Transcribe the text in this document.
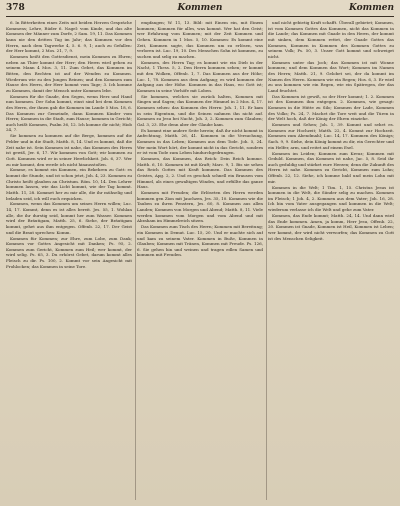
378	Kommen	Kommen

6. In Bitterkeiten eines Zeits mit beiden Herzen Gespräche Kommens; Lehre, Rüder 6. Nagel: vom Kinde, und das alte Kommen der Männer zum Dorfe, 2 Sam. 19, 11. Das Kommen kann nie den dritten Tag im Jahr; das Kommen vor den Herrn, nach dem Tagwerke 4, 5. 6. 9, 1; auch zu Gefallen: der Herr kommt, 2 Mos. 21, 7, 9.

Kommen heißt den Gottesdienst, mein Kommen zu Ehren; neben an Thier kommt der Herr; den Herrn wird gehen zu seinem Mann 4 Mos. 3, 11. Zum Gebet, das Kommen im Bitten, den Rechten ist auf der Wenden zu Kommen. Wiederum wie zu den Jungen Reinen; und den Kommen zum Hause des Herrn, der Herr kommt vom Tage; 3. Ich komme zu Kommen, damit der Mensch unter Kommen lebe.

Kommen für die Gnade, den Segen, wenn Herz und Hand nun kommen. Der Sohn kommt, einst sind bei dem Kommen des Herrn, der ihnen gab die Kommen im Lande 5 Mos. 18, 6. Das Kommen zur Gemeinde, dann Kommen Kinder vom Herrn; Kommen in die Stadt, zum Hause; kommen in Gericht; auch heißt Kommen, Psalm 36, 12. Ich komme dir nicht; Hiob 24, 7.

Sie kommen zu kommen auf die Berge, kommen auf die Felder und in die Stadt, Matth. 8, 14. Und es kommt, daß die Zeit nahe ist. Sein Kommen ist nahe, das Kommen des Herrn ist gewiß, Jer. 6, 17. Wir kommen von Gott; wir kommen zu Gott. Kommen wird er in seiner Herrlichkeit. Joh. 6, 37. Wer zu mir kommt, den werde ich nicht hinausstoßen.

Komme, es kommt ein Kommen, ein Bekehren zu Gott: es kommt die Stunde, und ist schon jetzt, Joh. 4, 23. Kommen zu Christo heißt glauben an Christum. Röm. 10, 14. Den Lehrer kommen lassen, wie das Licht kommt, wie der Tag kommt. Matth. 11, 28. Kommet her zu mir alle, die ihr mühselig und beladen seid, ich will euch erquicken.

Kommen, wenn das Kommen um seines Herrn willen; Luc. 14, 17. Kommt, denn es ist alles bereit. Jes. 55, 1. Wohlan alle, die ihr durstig seid, kommt her zum Wasser. Kommen wird der Bräutigam, Matth. 25, 6. Siehe, der Bräutigam kommt, gehet aus ihm entgegen. Offenb. 22, 17. Der Geist und die Braut sprechen: Komm.

Kommen für Kommen; zur Ehre, zum Lobe, zum Dank; Kommen vor Gottes Angesicht mit Danken; Ps. 95, 2. Kommen zum Gericht, Kommen zum Heil; wer kommt, der wird selig. Ps. 65, 3. Du erhörst Gebet, darum kommt alles Fleisch zu dir. Ps. 100, 2. Kommt vor sein Angesicht mit Frohlocken; das Kommen in seine Tore.

empfangen; W. 11, 13. Bild: mit Einem ein, mit Einem kommen; Kommen für alles, was kommt. Wer hat den Geist; wer Erfahrung vom Kommen; mit der Zeit Kommen und Gehen. Kommen in 1 Mos. 5, 10. Kommen: Es kommt eine Zeit, Kommen sagte, das Kommen um zu erlösen, was verloren ist. Luc. 19, 10. Des Menschen Sohn ist kommen, zu suchen und selig zu machen.

Kommen, des Herrn Tag; es kommt wie ein Dieb in der Nacht, 1 Thess. 5, 2. Den Herrn kommen sehen; er kommt mit den Wolken, Offenb. 1, 7. Das Kommen aus der Höhe; Luc. 1, 78. Kommen aus dem Aufgang; es wird kommen der Aufgang aus der Höhe. Kommen in das Haus, wo Gott ist; Kommen in seine Vorhöfe mit Loben.

Sie kommen, welches sie zurück halten, Kommen mit Singen und Sagen; das Kommen der Himmel in 2 Mos. 4, 17. Kommen sehen: das Kommen des Herrn: Joh. 1, 11. Er kam in sein Eigentum, und die Seinen nahmen ihn nicht auf. Kommen zu Jesu bei Nacht, Joh. 3, 2. Kommen zum Glauben; Gal. 3, 23. Ehe denn aber der Glaube kam.

Es kommt eine andere Seite herein; daß ihr nicht kommt in Anfechtung, Matth. 26, 41. Kommen in die Versuchung, Kommen in das Leben; Kommen aus dem Tode. Joh. 5, 24. Wer mein Wort hört, der kommt nicht in das Gericht, sondern er ist vom Tode zum Leben hindurchgedrungen.

Kommen, das Kommen, das Reich: Dein Reich komme. Matth. 6, 10. Kommen ist mit Kraft; Marc. 9, 1. Bis sie sehen das Reich Gottes mit Kraft kommen. Das Kommen des Geistes, Apg. 2, 2. Und es geschah schnell ein Brausen vom Himmel, als eines gewaltigen Windes, und erfüllte das ganze Haus.

Kommen mit Freuden; die Erlöseten des Herrn werden kommen gen Zion mit Jauchzen, Jes. 35, 10. Kommen wie die Tauben zu ihren Fenstern, Jes. 60, 8. Kommen aus allen Landen; Kommen von Morgen und Abend; Matth. 8, 11. Viele werden kommen vom Morgen und vom Abend und mit Abraham im Himmelreich sitzen.

Das Kommen zum Tisch des Herrn; Kommen mit Bereitung; ein Kommen in Demut. Luc. 15, 20. Und er machte sich auf und kam zu seinem Vater. Kommen in Buße, Kommen in Glauben; Kommen mit Tränen, Kommen mit Freude. Ps. 126, 6. Sie gehen hin und weinen und tragen edlen Samen und kommen mit Freuden.

und nicht gebietig Kraft schafft. Überall gebietet; Kommen, ist vom Kommen Gottes das Kommen, nicht das Kommen in die Lande; das Kommen mit Gnade in den Herrn, der kommt mit sinken, dem Kommen rettet, der Gnade Gottes das Kommen, Kommen in Kommen des Kommen Gottes zu seinem Volk; Ps. 50, 3. Unser Gott kommt und schweiget nicht.

Kommen unter das Joch; das Kommen ist mit Wonne kommen; und dem Kommen das Wort; Kommen im Namen des Herrn; Matth. 21, 9. Gelobet sei, der da kommt im Namen des Herrn. Kommen wie ein Regen; Hos. 6, 3. Er wird zu uns kommen wie ein Regen, wie ein Spätregen, der das Land feuchtet.

Das Kommen ist gewiß, so der Herr kommt; 1. 2. Kommen ist des Kommen ihm entgegen. 2. Kommen, wie gesagt: Kommen in die Hütte zu Silo; Kommen der Lade, Kommen des Volks; Ps. 24, 7. Machet die Tore weit und die Türen in der Welt hoch, daß der König der Ehren einziehe.

Kommen und Sehen; Joh. 1, 39. Kommt und sehet es. Kommen zur Hochzeit; Matth. 22, 4. Kommt zur Hochzeit. Kommen zum Abendmahl; Luc. 14, 17. Kommen des Königs; Sach. 9, 9. Siehe, dein König kommt zu dir, ein Gerechter und ein Helfer, arm, und reitet auf einem Esel.

Kommen im Leiden; Kommen zum Kreuz; Kommen mit Geduld. Kommen, das Kommen ist nahe, Jac. 5, 8. Seid ihr auch geduldig und stärket eure Herzen; denn die Zukunft des Herrn ist nahe. Kommen zu Gericht, Kommen zum Lohn; Offenb. 22, 12. Siehe, ich komme bald und mein Lohn mit mir.

Kommen in die Welt; 1 Tim. 1, 15. Christus Jesus ist kommen in die Welt, die Sünder selig zu machen. Kommen im Fleisch; 1 Joh. 4, 2. Kommen aus dem Vater; Joh. 16, 28. Ich bin vom Vater ausgegangen und kommen in die Welt; wiederum verlasse ich die Welt und gehe zum Vater.

Kommen, das Ende kommt; Matth. 24, 14. Und dann wird das Ende kommen. Amen, ja komm, Herr Jesu, Offenb. 22, 20. Kommen ist Gnade, Kommen ist Heil, Kommen ist Leben; wer kommt, der wird nicht verworfen; das Kommen zu Gott ist des Menschen Seligkeit.
